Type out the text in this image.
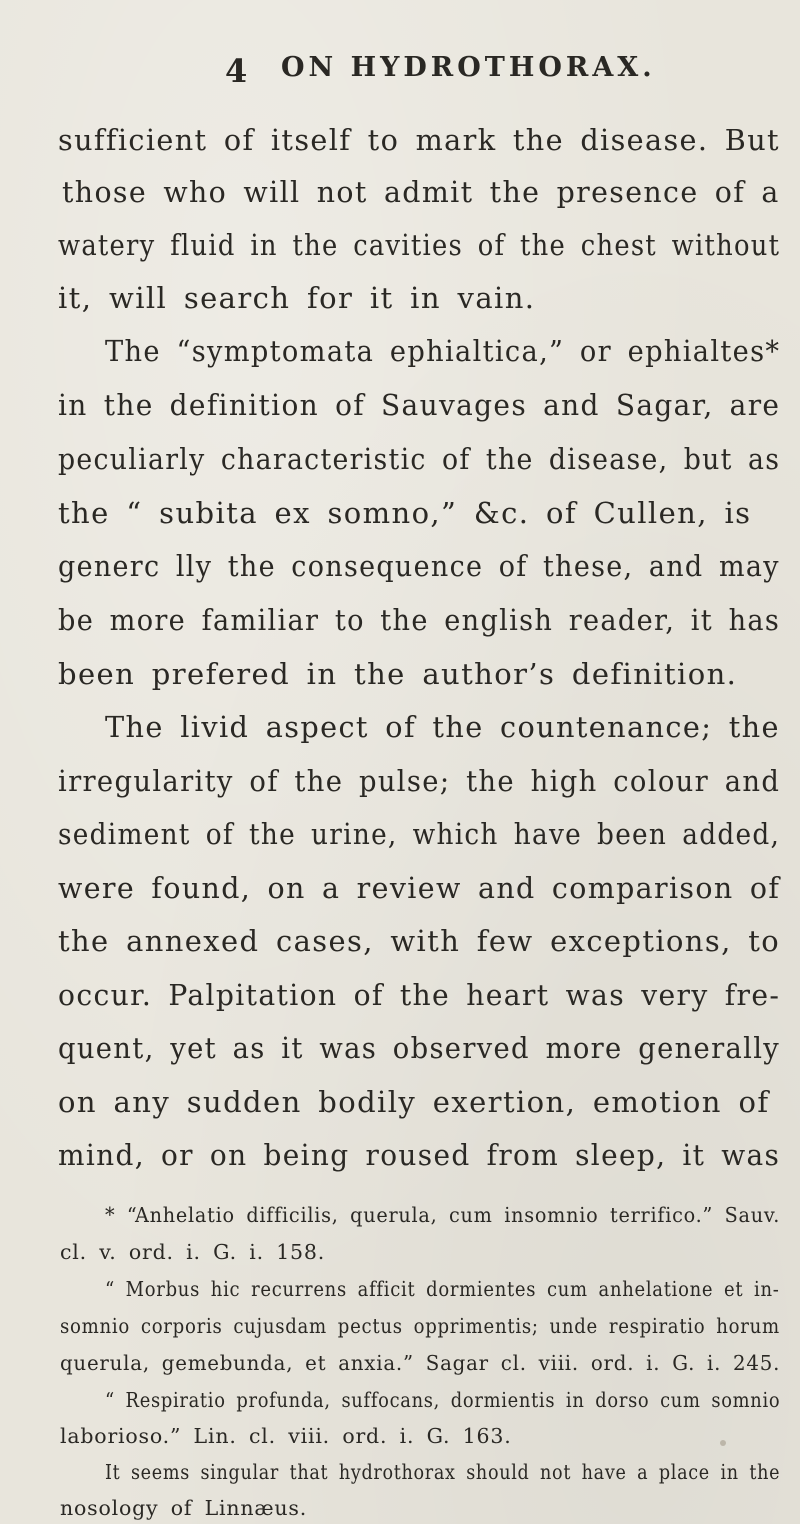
4 ON HYDROTHORAX.
sufficient of itself to mark the disease. But
those who will not admit the presence of a
watery fluid in the cavities of the chest without
it, will search for it in vain.
The “symptomata ephialtica,” or ephialtes*
in the definition of Sauvages and Sagar, are
peculiarly characteristic of the disease, but as
the “ subita ex somno,” &c. of Cullen, is
generc lly the consequence of these, and may
be more familiar to the english reader, it has
been prefered in the author’s definition.
The livid aspect of the countenance; the
irregularity of the pulse; the high colour and
sediment of the urine, which have been added,
were found, on a review and comparison of
the annexed cases, with few exceptions, to
occur. Palpitation of the heart was very fre-
quent, yet as it was observed more generally
on any sudden bodily exertion, emotion of
mind, or on being roused from sleep, it was
* “Anhelatio difficilis, querula, cum insomnio terrifico.” Sauv.
cl. v. ord. i. G. i. 158.
“ Morbus hic recurrens afficit dormientes cum anhelatione et in-
somnio corporis cujusdam pectus opprimentis; unde respiratio horum
querula, gemebunda, et anxia.” Sagar cl. viii. ord. i. G. i. 245.
“ Respiratio profunda, suffocans, dormientis in dorso cum somnio
laborioso.” Lin. cl. viii. ord. i. G. 163.
It seems singular that hydrothorax should not have a place in the
nosology of Linnæus.
